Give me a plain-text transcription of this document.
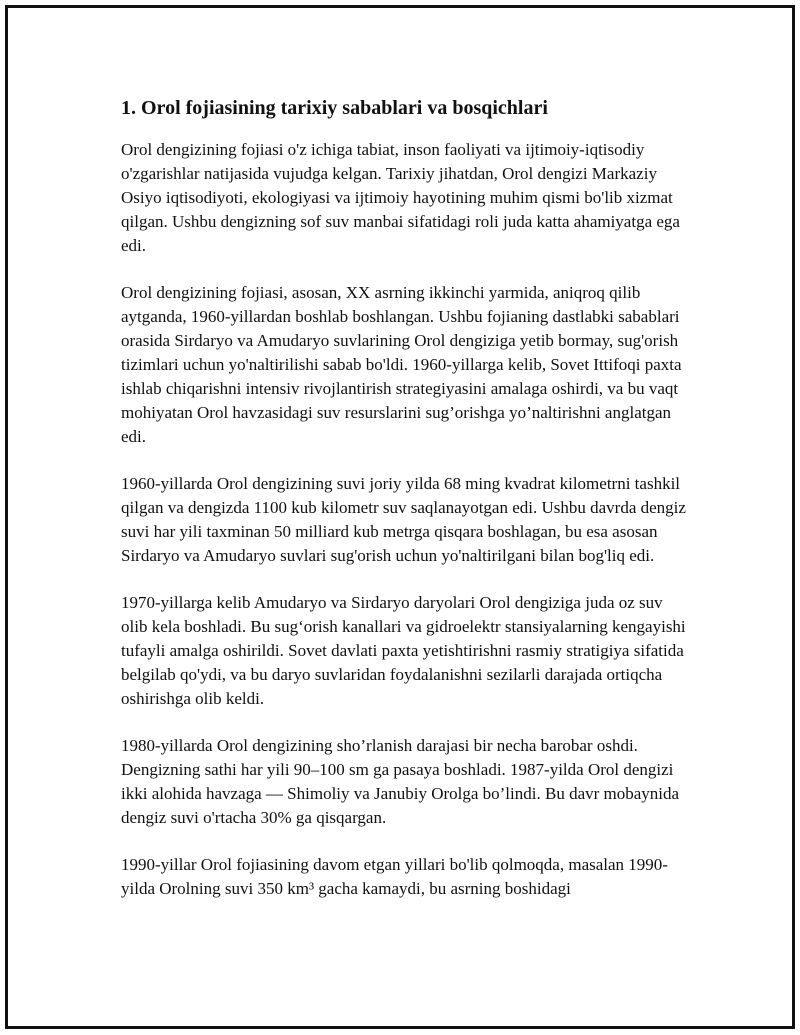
1. Orol fojiasining tarixiy sabablari va bosqichlari

Orol dengizining fojiasi o'z ichiga tabiat, inson faoliyati va ijtimoiy-iqtisodiy o'zgarishlar natijasida vujudga kelgan. Tarixiy jihatdan, Orol dengizi Markaziy Osiyo iqtisodiyoti, ekologiyasi va ijtimoiy hayotining muhim qismi bo'lib xizmat qilgan. Ushbu dengizning sof suv manbai sifatidagi roli juda katta ahamiyatga ega edi.

Orol dengizining fojiasi, asosan, XX asrning ikkinchi yarmida, aniqroq qilib aytganda, 1960-yillardan boshlab boshlangan. Ushbu fojianing dastlabki sabablari orasida Sirdaryo va Amudaryo suvlarining Orol dengiziga yetib bormay, sug'orish tizimlari uchun yo'naltirilishi sabab bo'ldi. 1960-yillarga kelib, Sovet Ittifoqi paxta ishlab chiqarishni intensiv rivojlantirish strategiyasini amalaga oshirdi, va bu vaqt mohiyatan Orol havzasidagi suv resurslarini sug’orishga yo’naltirishni anglatgan edi.

1960-yillarda Orol dengizining suvi joriy yilda 68 ming kvadrat kilometrni tashkil qilgan va dengizda 1100 kub kilometr suv saqlanayotgan edi. Ushbu davrda dengiz suvi har yili taxminan 50 milliard kub metrga qisqara boshlagan, bu esa asosan Sirdaryo va Amudaryo suvlari sug'orish uchun yo'naltirilgani bilan bog'liq edi.

1970-yillarga kelib Amudaryo va Sirdaryo daryolari Orol dengiziga juda oz suv olib kela boshladi. Bu sug‘orish kanallari va gidroelektr stansiyalarning kengayishi tufayli amalga oshirildi. Sovet davlati paxta yetishtirishni rasmiy stratigiya sifatida belgilab qo'ydi, va bu daryo suvlaridan foydalanishni sezilarli darajada ortiqcha oshirishga olib keldi.

1980-yillarda Orol dengizining sho’rlanish darajasi bir necha barobar oshdi. Dengizning sathi har yili 90–100 sm ga pasaya boshladi. 1987-yilda Orol dengizi ikki alohida havzaga — Shimoliy va Janubiy Orolga bo’lindi. Bu davr mobaynida dengiz suvi o'rtacha 30% ga qisqargan.

1990-yillar Orol fojiasining davom etgan yillari bo'lib qolmoqda, masalan 1990-yilda Orolning suvi 350 km³ gacha kamaydi, bu asrning boshidagi
